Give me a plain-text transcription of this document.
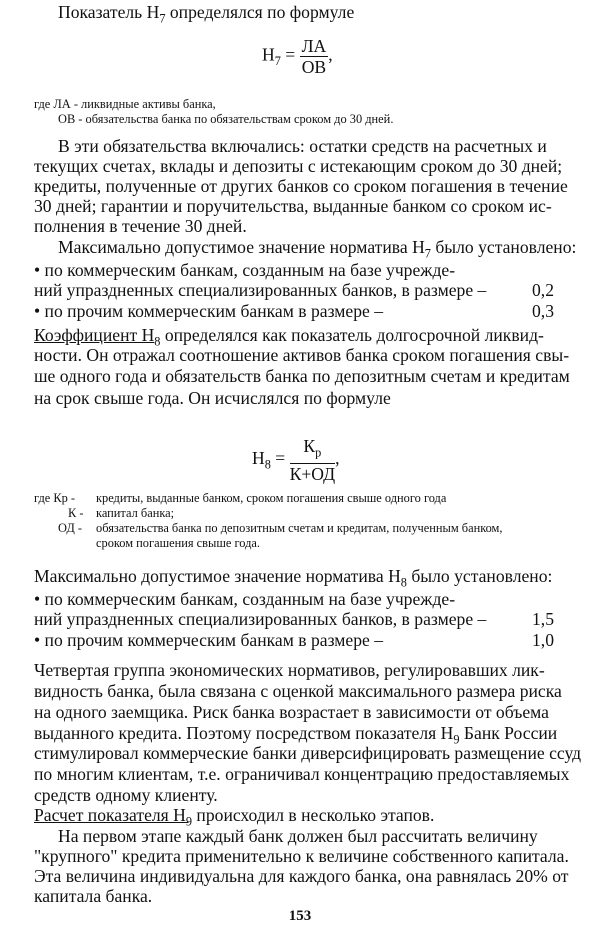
Показатель $Н_7$ определялся по формуле

$Н_7 = \frac{ЛА}{ОВ}$ ,

где ЛА - ликвидные активы банка,

ОВ - обязательства банка по обязательствам сроком до 30 дней.

В эти обязательства включались: остатки средств на расчетных и

текущих счетах, вклады и депозиты с истекающим сроком до 30 дней;

кредиты, полученные от других банков со сроком погашения в течение

30 дней; гарантии и поручительства, выданные банком со сроком ис-

полнения в течение 30 дней.

Максимально допустимое значение норматива $Н_7$ было установлено:

• по коммерческим банкам, созданным на базе учрежде-

ний упраздненных специализированных банков, в размере –	0,2

• по прочим коммерческим банкам в размере –	0,3

Коэффициент $Н_8$ определялся как показатель долгосрочной ликвид-

ности. Он отражал соотношение активов банка сроком погашения свы-

ше одного года и обязательств банка по депозитным счетам и кредитам

на срок свыше года. Он исчислялся по формуле

$Н_8 = \frac{К_р}{К+ОД}$ ,

где Кр - кредиты, выданные банком, сроком погашения свыше одного года

К - капитал банка;

ОД - обязательства банка по депозитным счетам и кредитам, полученным банком,

сроком погашения свыше года.

Максимально допустимое значение норматива $Н_8$ было установлено:

• по коммерческим банкам, созданным на базе учрежде-

ний упраздненных специализированных банков, в размере –	1,5

• по прочим коммерческим банкам в размере –	1,0

Четвертая группа экономических нормативов, регулировавших лик-

видность банка, была связана с оценкой максимального размера риска

на одного заемщика. Риск банка возрастает в зависимости от объема

выданного кредита. Поэтому посредством показателя $Н_9$ Банк России

стимулировал коммерческие банки диверсифицировать размещение ссуд

по многим клиентам, т.е. ограничивал концентрацию предоставляемых

средств одному клиенту.

Расчет показателя $Н_9$ происходил в несколько этапов.

На первом этапе каждый банк должен был рассчитать величину

"крупного" кредита применительно к величине собственного капитала.

Эта величина индивидуальна для каждого банка, она равнялась 20% от

капитала банка.

153
